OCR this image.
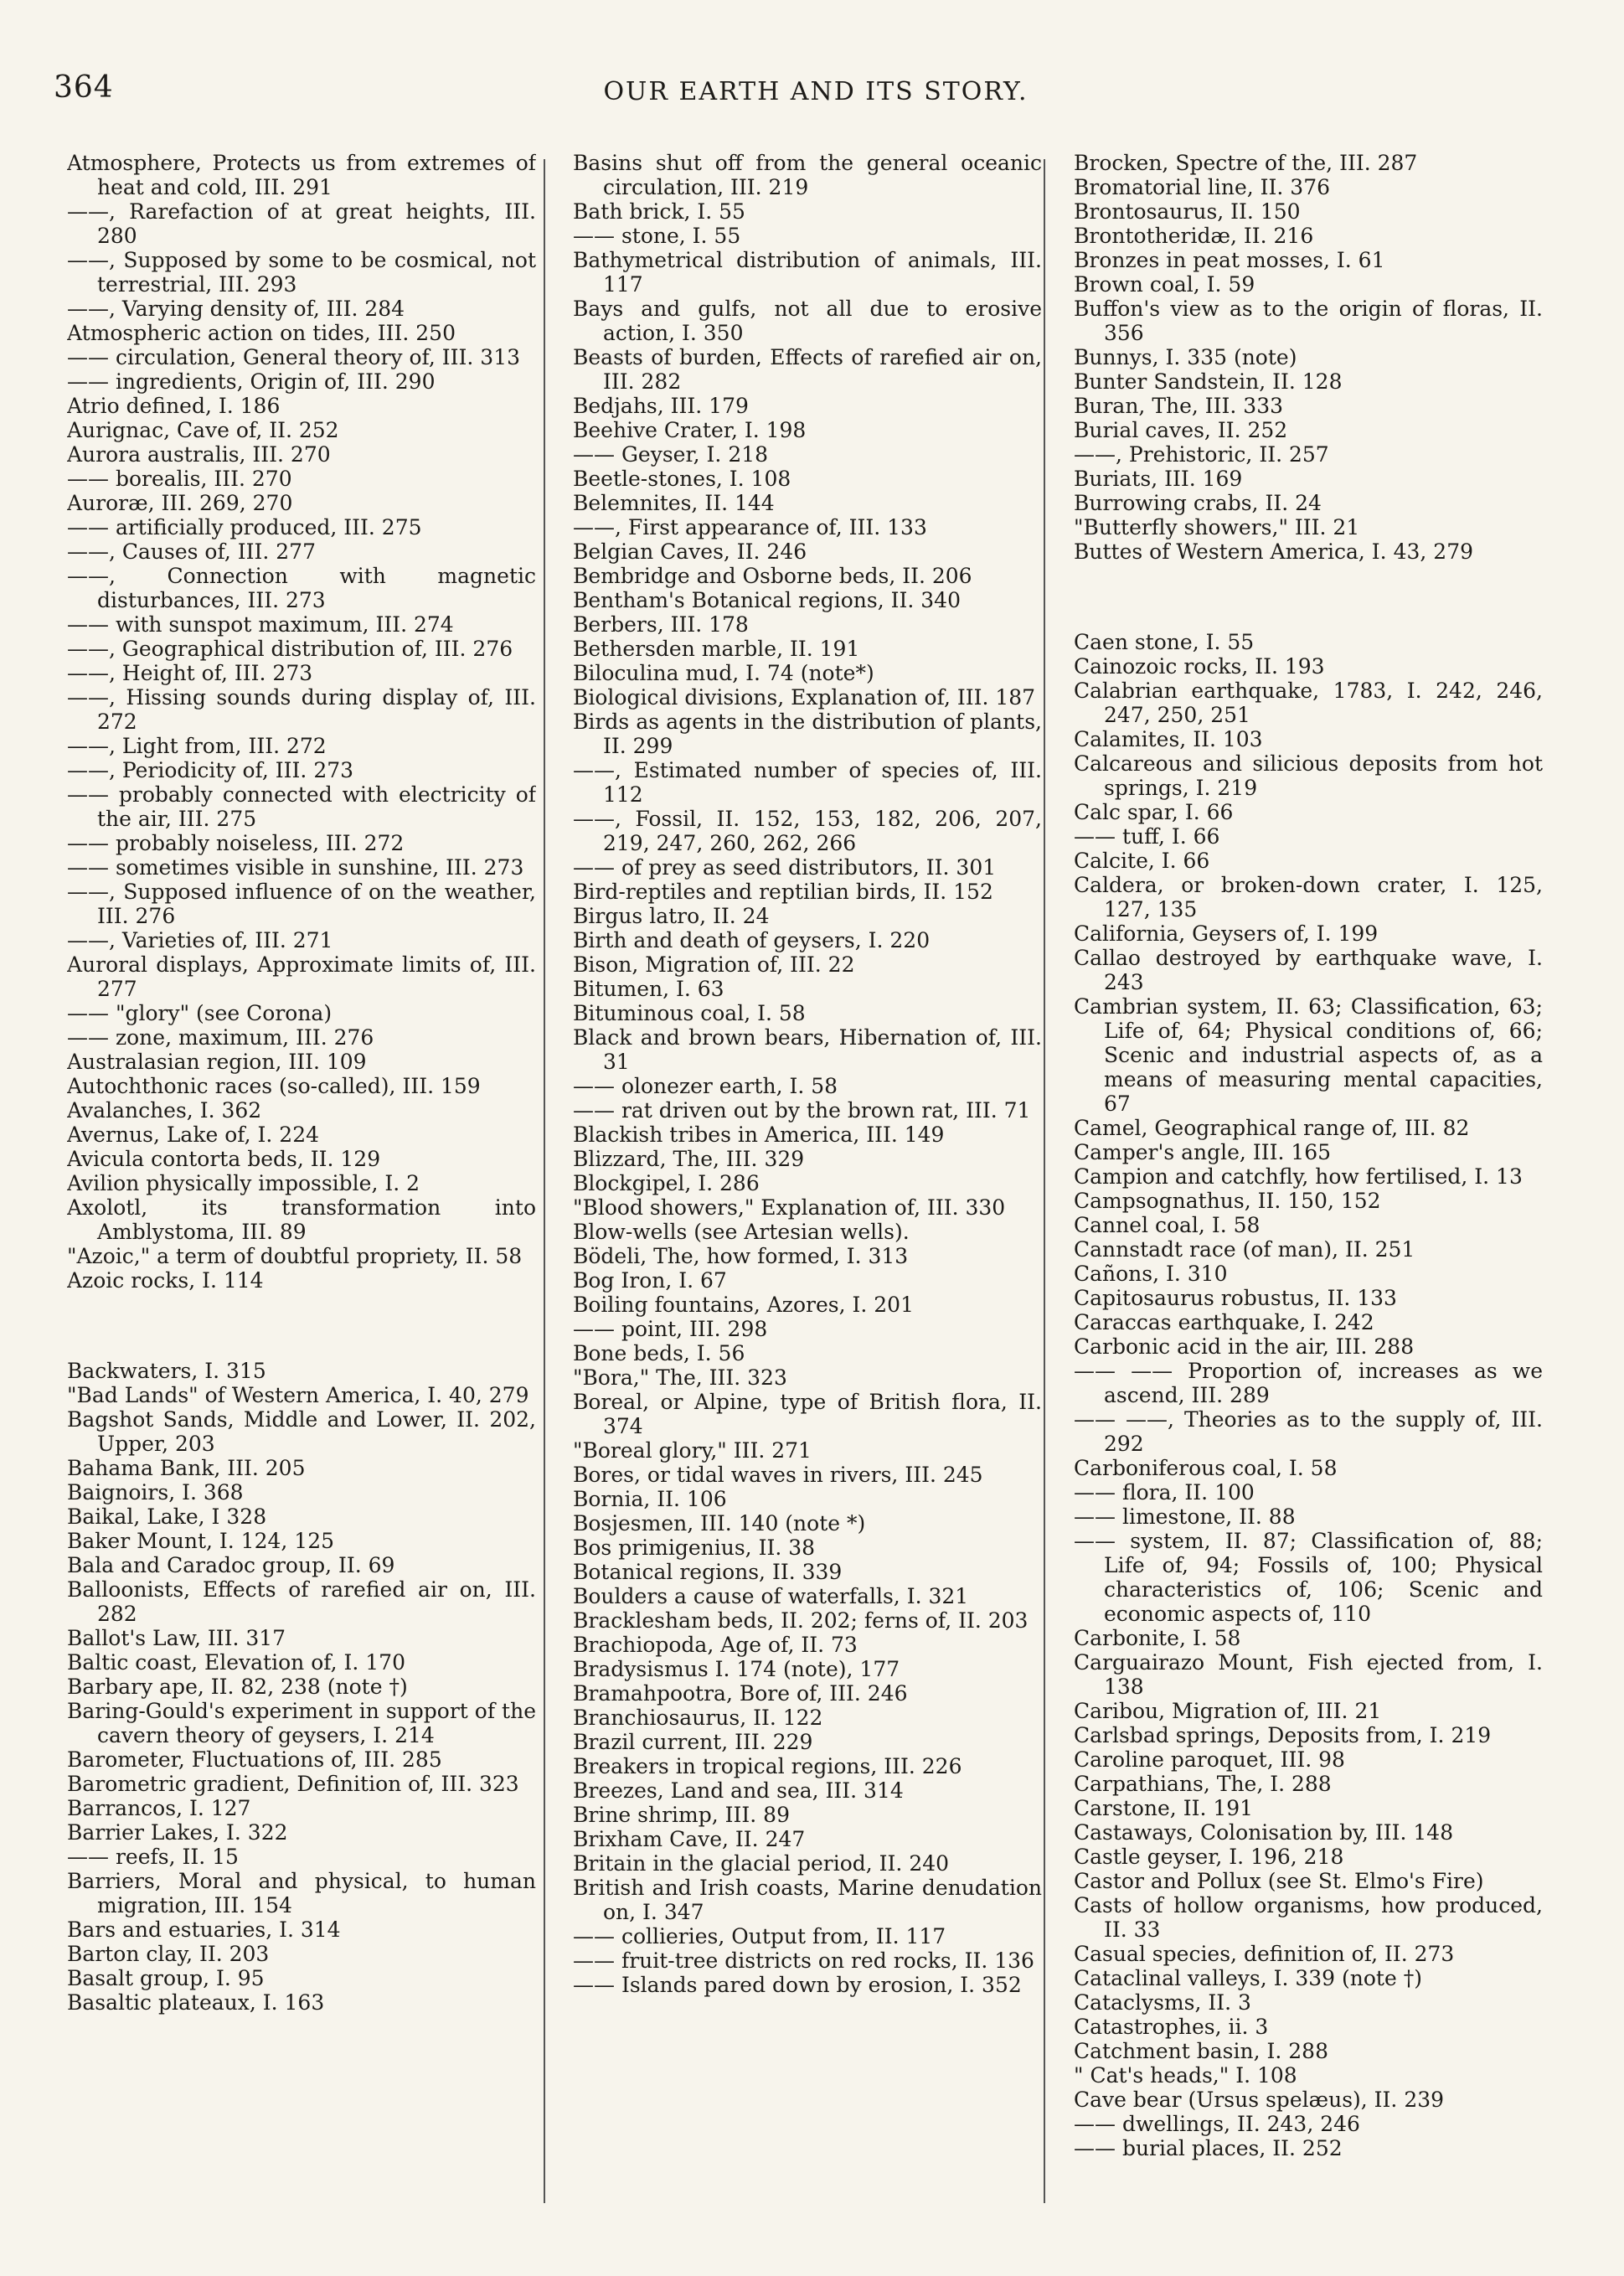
364	OUR EARTH AND ITS STORY.

Atmosphere, Protects us from extremes of heat and cold, III. 291

——, Rarefaction of at great heights, III. 280

——, Supposed by some to be cosmical, not terrestrial, III. 293

——, Varying density of, III. 284

Atmospheric action on tides, III. 250

—— circulation, General theory of, III. 313

—— ingredients, Origin of, III. 290

Atrio defined, I. 186

Aurignac, Cave of, II. 252

Aurora australis, III. 270

—— borealis, III. 270

Auroræ, III. 269, 270

—— artificially produced, III. 275

——, Causes of, III. 277

——, Connection with magnetic disturbances, III. 273

—— with sunspot maximum, III. 274

——, Geographical distribution of, III. 276

——, Height of, III. 273

——, Hissing sounds during display of, III. 272

——, Light from, III. 272

——, Periodicity of, III. 273

—— probably connected with electricity of the air, III. 275

—— probably noiseless, III. 272

—— sometimes visible in sunshine, III. 273

——, Supposed influence of on the weather, III. 276

——, Varieties of, III. 271

Auroral displays, Approximate limits of, III. 277

—— "glory" (see Corona)

—— zone, maximum, III. 276

Australasian region, III. 109

Autochthonic races (so-called), III. 159

Avalanches, I. 362

Avernus, Lake of, I. 224

Avicula contorta beds, II. 129

Avilion physically impossible, I. 2

Axolotl, its transformation into Amblystoma, III. 89

"Azoic," a term of doubtful propriety, II. 58

Azoic rocks, I. 114

Backwaters, I. 315

"Bad Lands" of Western America, I. 40, 279

Bagshot Sands, Middle and Lower, II. 202, Upper, 203

Bahama Bank, III. 205

Baignoirs, I. 368

Baikal, Lake, I 328

Baker Mount, I. 124, 125

Bala and Caradoc group, II. 69

Balloonists, Effects of rarefied air on, III. 282

Ballot's Law, III. 317

Baltic coast, Elevation of, I. 170

Barbary ape, II. 82, 238 (note †)

Baring-Gould's experiment in support of the cavern theory of geysers, I. 214

Barometer, Fluctuations of, III. 285

Barometric gradient, Definition of, III. 323

Barrancos, I. 127

Barrier Lakes, I. 322

—— reefs, II. 15

Barriers, Moral and physical, to human migration, III. 154

Bars and estuaries, I. 314

Barton clay, II. 203

Basalt group, I. 95

Basaltic plateaux, I. 163

Basins shut off from the general oceanic circulation, III. 219

Bath brick, I. 55

—— stone, I. 55

Bathymetrical distribution of animals, III. 117

Bays and gulfs, not all due to erosive action, I. 350

Beasts of burden, Effects of rarefied air on, III. 282

Bedjahs, III. 179

Beehive Crater, I. 198

—— Geyser, I. 218

Beetle-stones, I. 108

Belemnites, II. 144

——, First appearance of, III. 133

Belgian Caves, II. 246

Bembridge and Osborne beds, II. 206

Bentham's Botanical regions, II. 340

Berbers, III. 178

Bethersden marble, II. 191

Biloculina mud, I. 74 (note*)

Biological divisions, Explanation of, III. 187

Birds as agents in the distribution of plants, II. 299

——, Estimated number of species of, III. 112

——, Fossil, II. 152, 153, 182, 206, 207, 219, 247, 260, 262, 266

—— of prey as seed distributors, II. 301

Bird-reptiles and reptilian birds, II. 152

Birgus latro, II. 24

Birth and death of geysers, I. 220

Bison, Migration of, III. 22

Bitumen, I. 63

Bituminous coal, I. 58

Black and brown bears, Hibernation of, III. 31

—— olonezer earth, I. 58

—— rat driven out by the brown rat, III. 71

Blackish tribes in America, III. 149

Blizzard, The, III. 329

Blockgipel, I. 286

"Blood showers," Explanation of, III. 330

Blow-wells (see Artesian wells).

Bödeli, The, how formed, I. 313

Bog Iron, I. 67

Boiling fountains, Azores, I. 201

—— point, III. 298

Bone beds, I. 56

"Bora," The, III. 323

Boreal, or Alpine, type of British flora, II. 374

"Boreal glory," III. 271

Bores, or tidal waves in rivers, III. 245

Bornia, II. 106

Bosjesmen, III. 140 (note *)

Bos primigenius, II. 38

Botanical regions, II. 339

Boulders a cause of waterfalls, I. 321

Bracklesham beds, II. 202; ferns of, II. 203

Brachiopoda, Age of, II. 73

Bradysismus I. 174 (note), 177

Bramahpootra, Bore of, III. 246

Branchiosaurus, II. 122

Brazil current, III. 229

Breakers in tropical regions, III. 226

Breezes, Land and sea, III. 314

Brine shrimp, III. 89

Brixham Cave, II. 247

Britain in the glacial period, II. 240

British and Irish coasts, Marine denudation on, I. 347

—— collieries, Output from, II. 117

—— fruit-tree districts on red rocks, II. 136

—— Islands pared down by erosion, I. 352

Brocken, Spectre of the, III. 287

Bromatorial line, II. 376

Brontosaurus, II. 150

Brontotheridæ, II. 216

Bronzes in peat mosses, I. 61

Brown coal, I. 59

Buffon's view as to the origin of floras, II. 356

Bunnys, I. 335 (note)

Bunter Sandstein, II. 128

Buran, The, III. 333

Burial caves, II. 252

——, Prehistoric, II. 257

Buriats, III. 169

Burrowing crabs, II. 24

"Butterfly showers," III. 21

Buttes of Western America, I. 43, 279

Caen stone, I. 55

Cainozoic rocks, II. 193

Calabrian earthquake, 1783, I. 242, 246, 247, 250, 251

Calamites, II. 103

Calcareous and silicious deposits from hot springs, I. 219

Calc spar, I. 66

—— tuff, I. 66

Calcite, I. 66

Caldera, or broken-down crater, I. 125, 127, 135

California, Geysers of, I. 199

Callao destroyed by earthquake wave, I. 243

Cambrian system, II. 63; Classification, 63; Life of, 64; Physical conditions of, 66; Scenic and industrial aspects of, as a means of measuring mental capacities, 67

Camel, Geographical range of, III. 82

Camper's angle, III. 165

Campion and catchfly, how fertilised, I. 13

Campsognathus, II. 150, 152

Cannel coal, I. 58

Cannstadt race (of man), II. 251

Cañons, I. 310

Capitosaurus robustus, II. 133

Caraccas earthquake, I. 242

Carbonic acid in the air, III. 288

—— —— Proportion of, increases as we ascend, III. 289

—— ——, Theories as to the supply of, III. 292

Carboniferous coal, I. 58

—— flora, II. 100

—— limestone, II. 88

—— system, II. 87; Classification of, 88; Life of, 94; Fossils of, 100; Physical characteristics of, 106; Scenic and economic aspects of, 110

Carbonite, I. 58

Carguairazo Mount, Fish ejected from, I. 138

Caribou, Migration of, III. 21

Carlsbad springs, Deposits from, I. 219

Caroline paroquet, III. 98

Carpathians, The, I. 288

Carstone, II. 191

Castaways, Colonisation by, III. 148

Castle geyser, I. 196, 218

Castor and Pollux (see St. Elmo's Fire)

Casts of hollow organisms, how produced, II. 33

Casual species, definition of, II. 273

Cataclinal valleys, I. 339 (note †)

Cataclysms, II. 3

Catastrophes, ii. 3

Catchment basin, I. 288

" Cat's heads," I. 108

Cave bear (Ursus spelæus), II. 239

—— dwellings, II. 243, 246

—— burial places, II. 252
